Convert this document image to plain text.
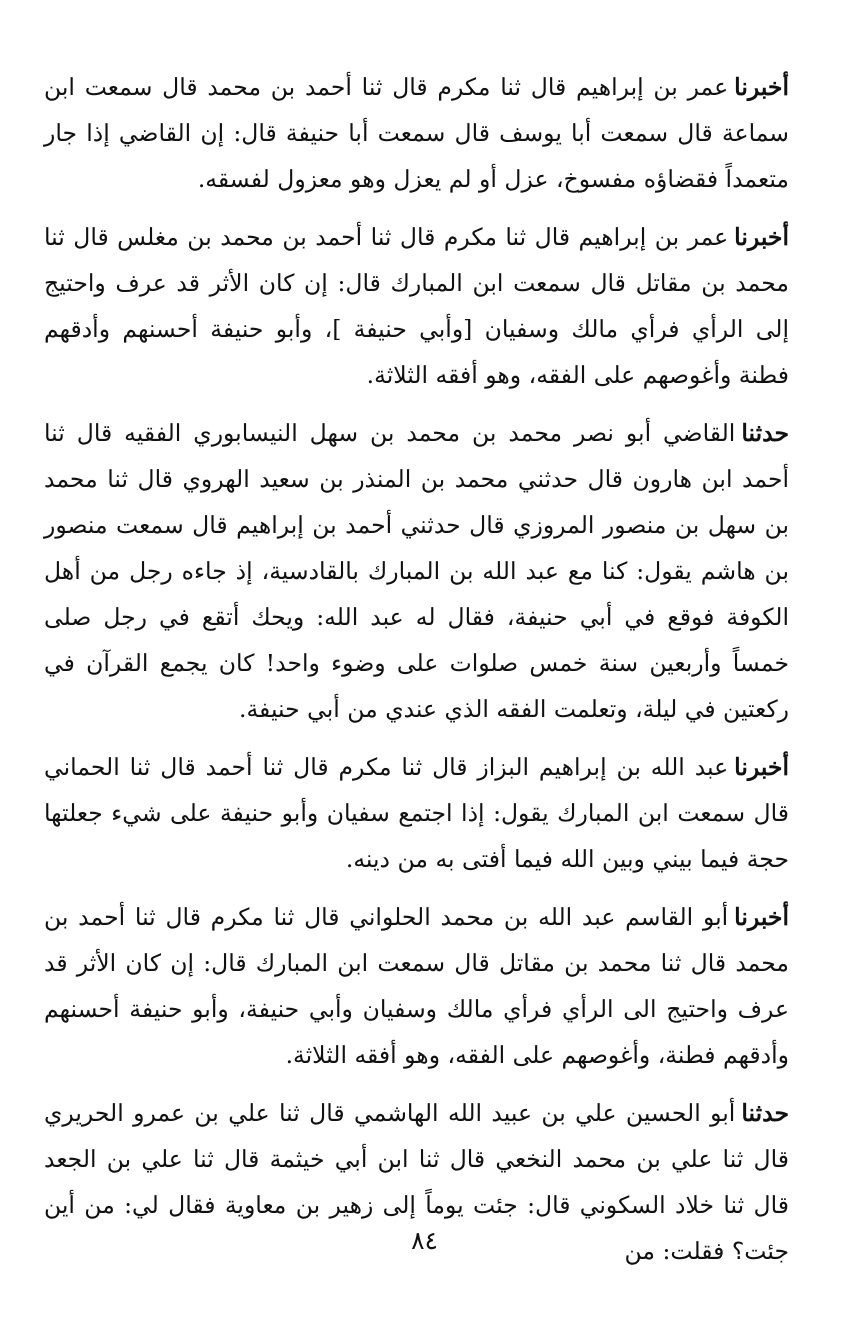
أخبرناعمر بن إبراهيم قال ثنا مكرم قال ثنا أحمد بن محمد قال سمعت ابن سماعة قال سمعت أبا يوسف قال سمعت أبا حنيفة قال: إن القاضي إذا جار متعمداً فقضاؤه مفسوخ، عزل أو لم يعزل وهو معزول لفسقه.

أخبرناعمر بن إبراهيم قال ثنا مكرم قال ثنا أحمد بن محمد بن مغلس قال ثنا محمد بن مقاتل قال سمعت ابن المبارك قال: إن كان الأثر قد عرف واحتيج إلى الرأي فرأي مالك وسفيان [وأبي حنيفة ]، وأبو حنيفة أحسنهم وأدقهم فطنة وأغوصهم على الفقه، وهو أفقه الثلاثة.

حدثناالقاضي أبو نصر محمد بن محمد بن سهل النيسابوري الفقيه قال ثنا أحمد ابن هارون قال حدثني محمد بن المنذر بن سعيد الهروي قال ثنا محمد بن سهل بن منصور المروزي قال حدثني أحمد بن إبراهيم قال سمعت منصور بن هاشم يقول: كنا مع عبد الله بن المبارك بالقادسية، إذ جاءه رجل من أهل الكوفة فوقع في أبي حنيفة، فقال له عبد الله: ويحك أتقع في رجل صلى خمساً وأربعين سنة خمس صلوات على وضوء واحد! كان يجمع القرآن في ركعتين في ليلة، وتعلمت الفقه الذي عندي من أبي حنيفة.

أخبرناعبد الله بن إبراهيم البزاز قال ثنا مكرم قال ثنا أحمد قال ثنا الحماني قال سمعت ابن المبارك يقول: إذا اجتمع سفيان وأبو حنيفة على شيء جعلتها حجة فيما بيني وبين الله فيما أفتى به من دينه.

أخبرناأبو القاسم عبد الله بن محمد الحلواني قال ثنا مكرم قال ثنا أحمد بن محمد قال ثنا محمد بن مقاتل قال سمعت ابن المبارك قال: إن كان الأثر قد عرف واحتيج الى الرأي فرأي مالك وسفيان وأبي حنيفة، وأبو حنيفة أحسنهم وأدقهم فطنة، وأغوصهم على الفقه، وهو أفقه الثلاثة.

حدثناأبو الحسين علي بن عبيد الله الهاشمي قال ثنا علي بن عمرو الحريري قال ثنا علي بن محمد النخعي قال ثنا ابن أبي خيثمة قال ثنا علي بن الجعد قال ثنا خلاد السكوني قال: جئت يوماً إلى زهير بن معاوية فقال لي: من أين جئت؟ فقلت: من

٨٤
